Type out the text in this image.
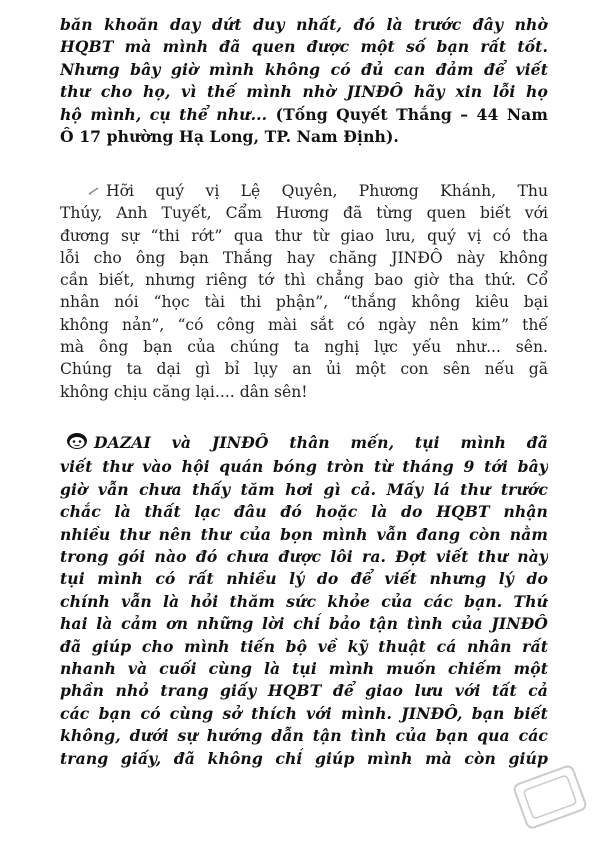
băn khoăn day dứt duy nhất, đó là trước đây nhờ
HQBT mà mình đã quen được một số bạn rất tốt.
Nhưng bây giờ mình không có đủ can đảm để viết
thư cho họ, vì thế mình nhờ JINĐÔ hãy xin lỗi họ
hộ mình, cụ thể như... (Tống Quyết Thắng – 44 Nam
Ô 17 phường Hạ Long, TP. Nam Định).
Hỡi quý vị Lệ Quyên, Phương Khánh, Thu
Thúy, Anh Tuyết, Cẩm Hương đã từng quen biết với
đương sự “thi rớt” qua thư từ giao lưu, quý vị có tha
lỗi cho ông bạn Thắng hay chăng JINĐÔ này không
cần biết, nhưng riêng tớ thì chẳng bao giờ tha thứ. Cổ
nhân nói “học tài thi phận”, “thắng không kiêu bại
không nản”, “có công mài sắt có ngày nên kim” thế
mà ông bạn của chúng ta nghị lực yếu như... sên.
Chúng ta dại gì bỉ lụy an ủi một con sên nếu gã
không chịu căng lại.... dân sên!
DAZAI và JINĐÔ thân mến, tụi mình đã
viết thư vào hội quán bóng tròn từ tháng 9 tới bây
giờ vẫn chưa thấy tăm hơi gì cả. Mấy lá thư trước
chắc là thất lạc đâu đó hoặc là do HQBT nhận
nhiều thư nên thư của bọn mình vẫn đang còn nằm
trong gói nào đó chưa được lôi ra. Đợt viết thư này
tụi mình có rất nhiều lý do để viết nhưng lý do
chính vẫn là hỏi thăm sức khỏe của các bạn. Thứ
hai là cảm ơn những lời chỉ bảo tận tình của JINĐÔ
đã giúp cho mình tiến bộ về kỹ thuật cá nhân rất
nhanh và cuối cùng là tụi mình muốn chiếm một
phần nhỏ trang giấy HQBT để giao lưu với tất cả
các bạn có cùng sở thích với mình. JINĐÔ, bạn biết
không, dưới sự hướng dẫn tận tình của bạn qua các
trang giấy, đã không chỉ giúp mình mà còn giúp
